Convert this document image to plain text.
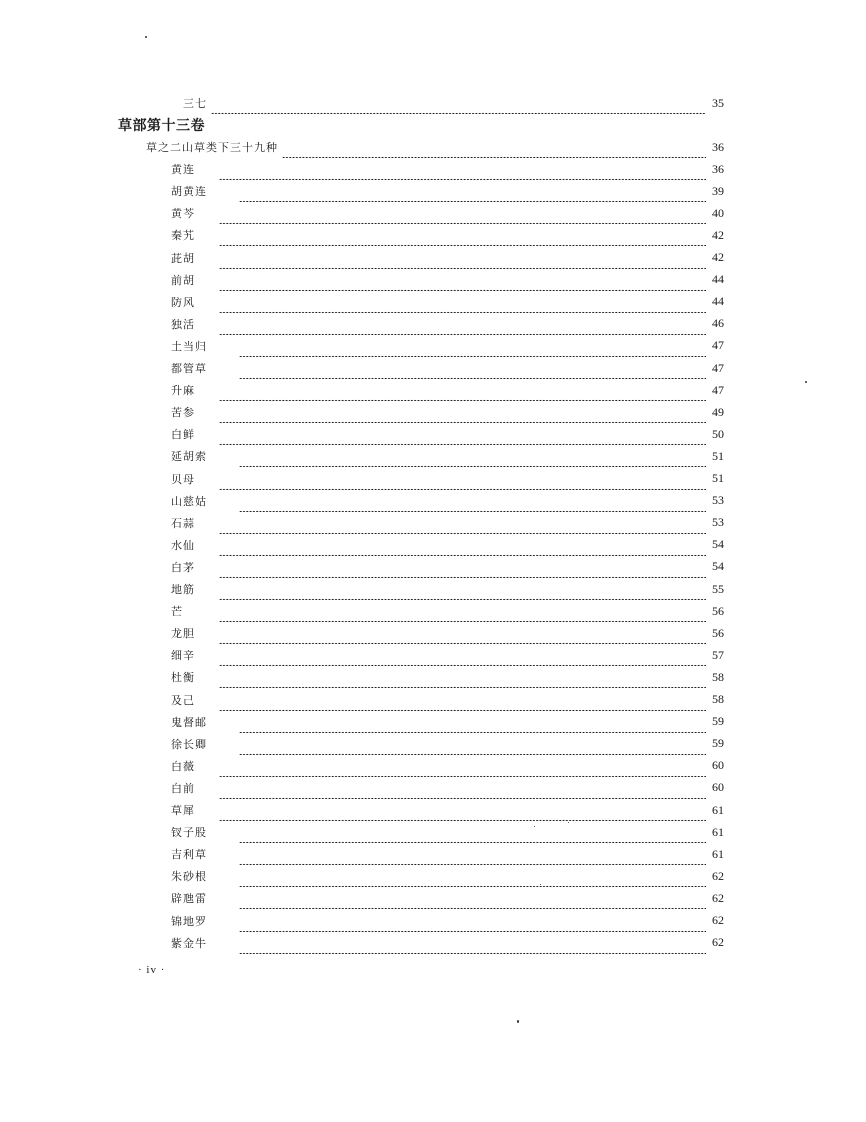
草部第十三卷
三七	35
草之二山草类下三十九种	36
黄连	36
胡黄连	39
黄芩	40
秦艽	42
茈胡	42
前胡	44
防风	44
独活	46
土当归	47
都管草	47
升麻	47
苦参	49
白鲜	50
延胡索	51
贝母	51
山慈姑	53
石蒜	53
水仙	54
白茅	54
地筋	55
芒	56
龙胆	56
细辛	57
杜衡	58
及己	58
鬼督邮	59
徐长卿	59
白薇	60
白前	60
草犀	61
钗子股	61
吉利草	61
朱砂根	62
辟虺雷	62
锦地罗	62
紫金牛	62
· iv ·
